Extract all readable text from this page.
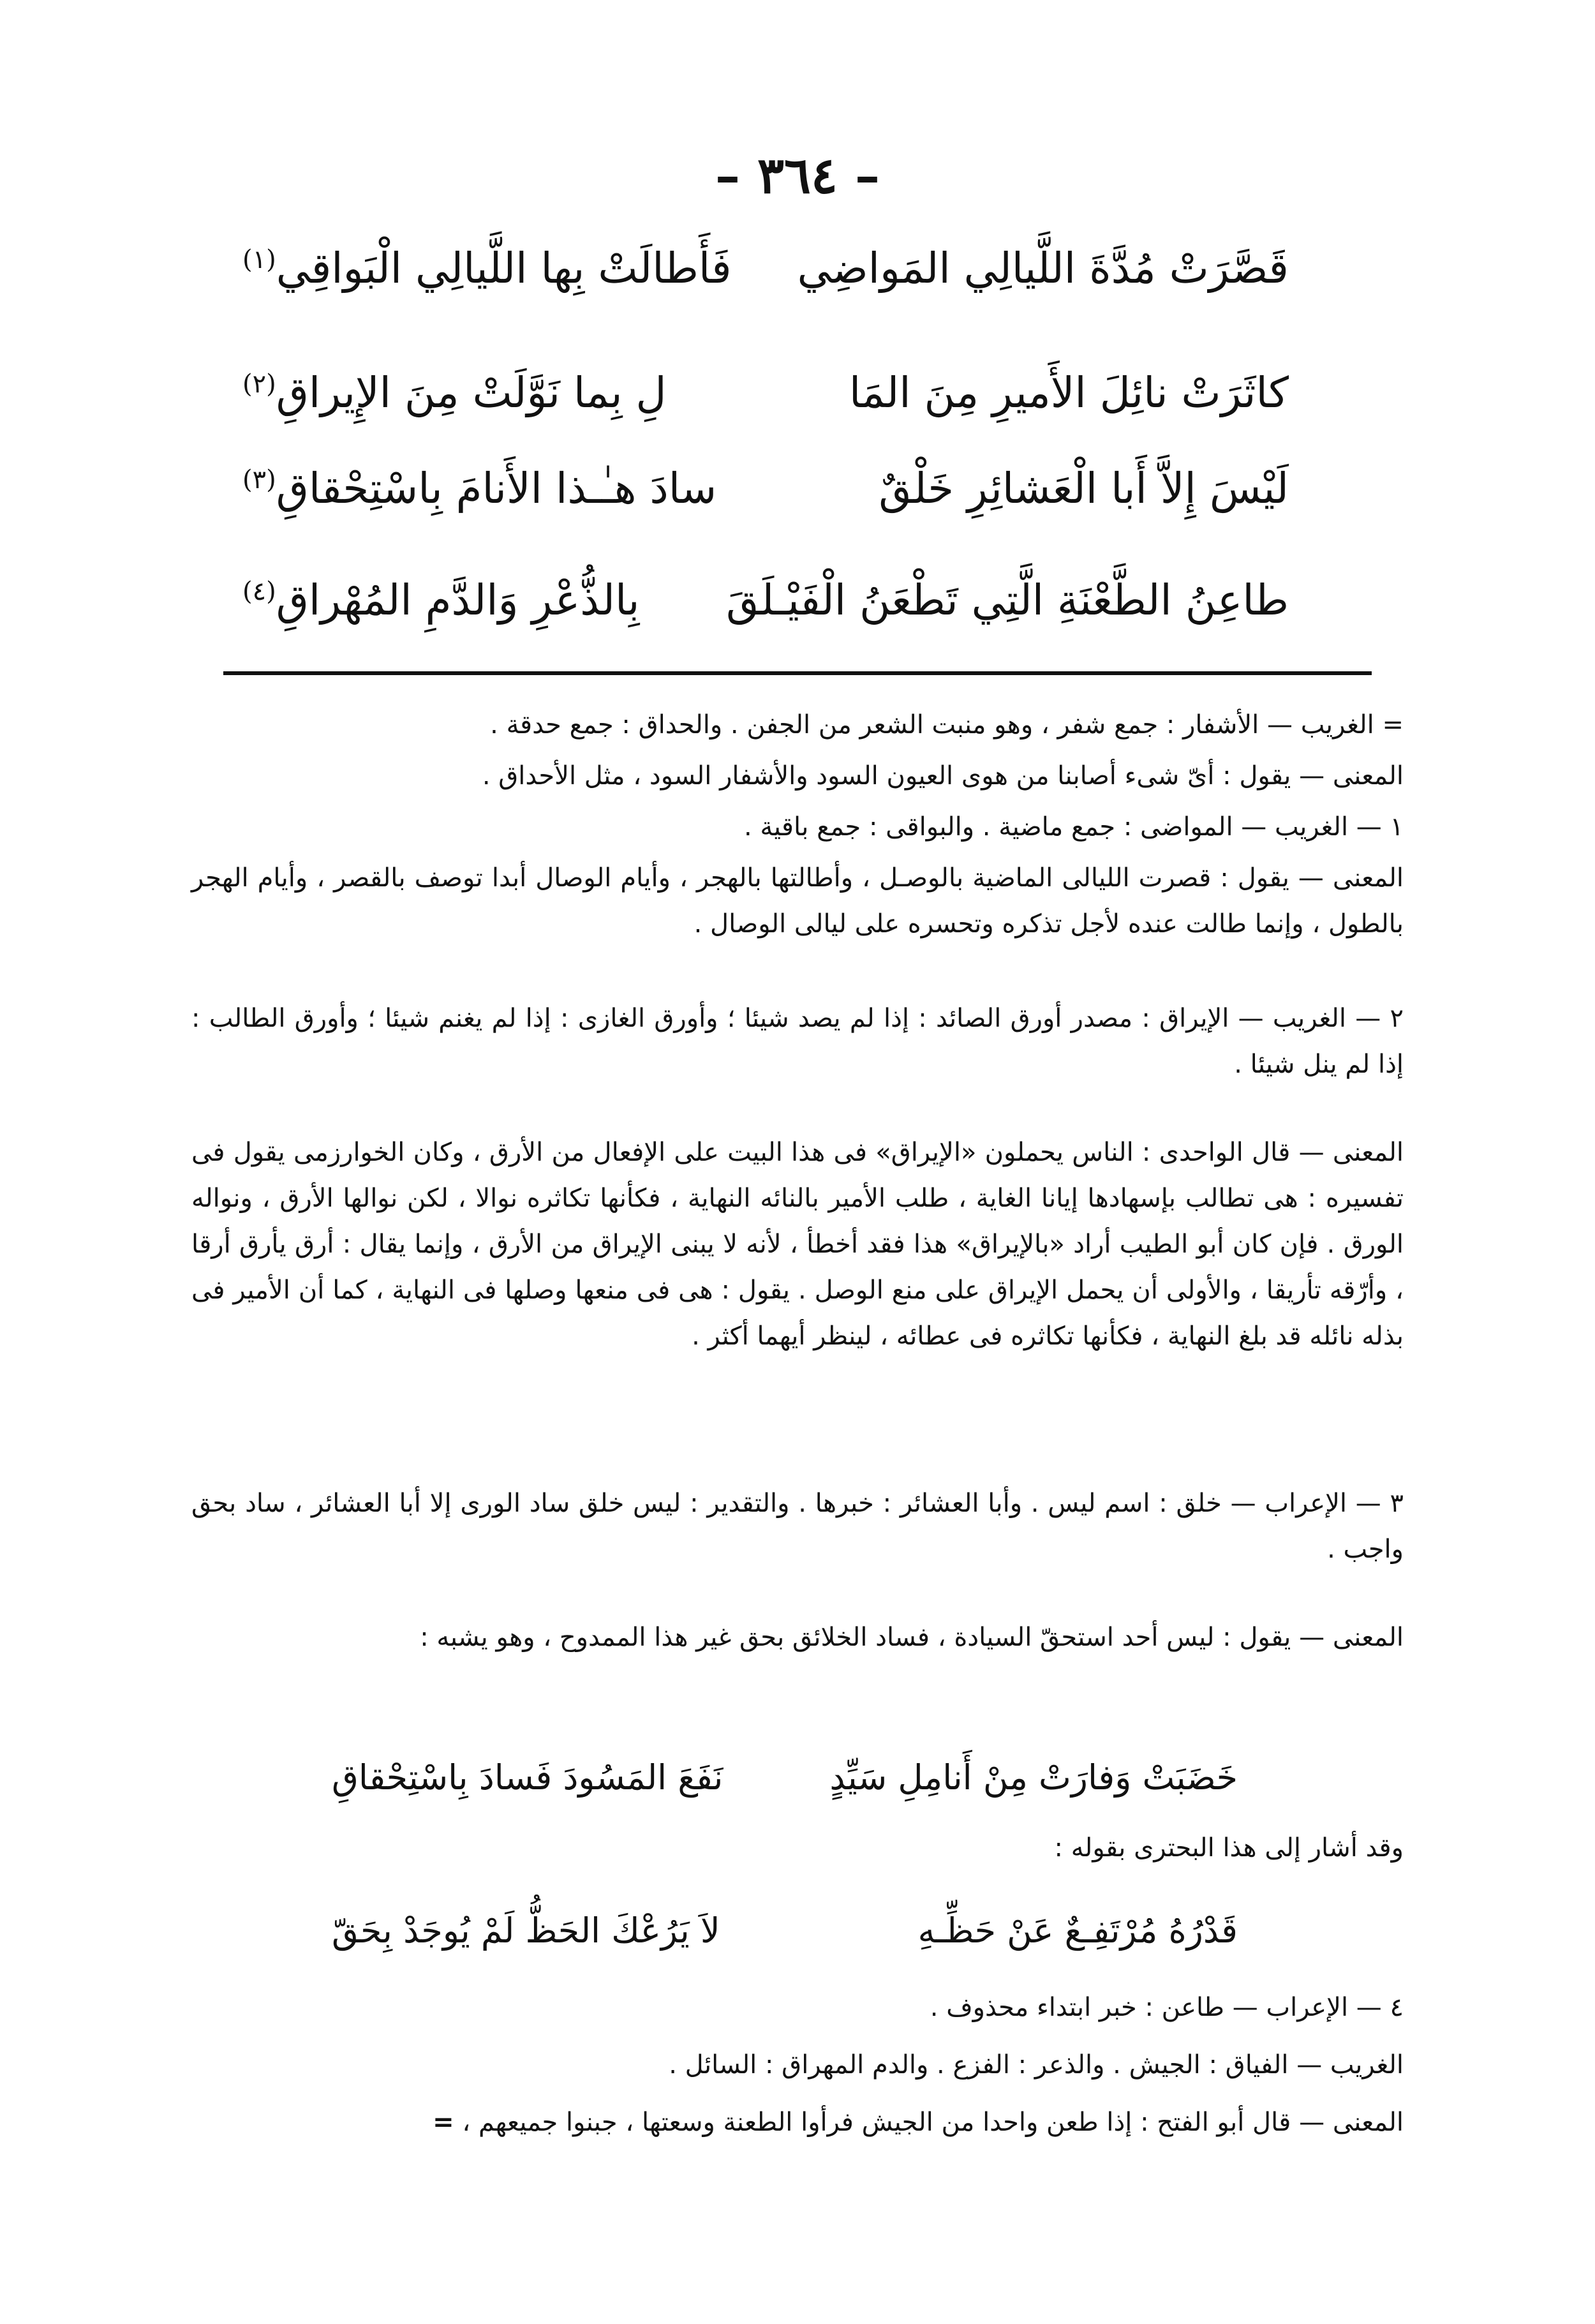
– ٣٦٤ –
قَصَّرَتْ مُدَّةَ اللَّيالِي المَواضِي
فَأَطالَتْ بِها اللَّيالِي الْبَواقِي$^{(١)}$
كاثَرَتْ نائِلَ الأَميرِ مِنَ المَا
لِ بِما نَوَّلَتْ مِنَ الإِيراقِ$^{(٢)}$
لَيْسَ إِلاَّ أَبا الْعَشائِرِ خَلْقٌ
سادَ هـٰـذا الأَنامَ بِاسْتِحْقاقِ$^{(٣)}$
طاعِنُ الطَّعْنَةِ الَّتِي تَطْعَنُ الْفَيْـلَقَ
بِالذُّعْرِ وَالدَّمِ المُهْراقِ$^{(٤)}$
= الغريب — الأشفار : جمع شفر ، وهو منبت الشعر من الجفن . والحداق : جمع حدقة .
المعنى — يقول : أىّ شىء أصابنا من هوى العيون السود والأشفار السود ، مثل الأحداق .
١ — الغريب — المواضى : جمع ماضية . والبواقى : جمع باقية .
المعنى — يقول : قصرت الليالى الماضية بالوصـل ، وأطالتها بالهجر ، وأيام الوصال أبدا توصف بالقصر ، وأيام الهجر بالطول ، وإنما طالت عنده لأجل تذكره وتحسره على ليالى الوصال .
٢ — الغريب — الإيراق : مصدر أورق الصائد : إذا لم يصد شيئا ؛ وأورق الغازى : إذا لم يغنم شيئا ؛ وأورق الطالب : إذا لم ينل شيئا .
المعنى — قال الواحدى : الناس يحملون «الإيراق» فى هذا البيت على الإفعال من الأرق ، وكان الخوارزمى يقول فى تفسيره : هى تطالب بإسهادها إيانا الغاية ، طلب الأمير بالنائه النهاية ، فكأنها تكاثره نوالا ، لكن نوالها الأرق ، ونواله الورق . فإن كان أبو الطيب أراد «بالإيراق» هذا فقد أخطأ ، لأنه لا يبنى الإيراق من الأرق ، وإنما يقال : أرق يأرق أرقا ، وأرّقه تأريقا ، والأولى أن يحمل الإيراق على منع الوصل . يقول : هى فى منعها وصلها فى النهاية ، كما أن الأمير فى بذله نائله قد بلغ النهاية ، فكأنها تكاثره فى عطائه ، لينظر أيهما أكثر .
٣ — الإعراب — خلق : اسم ليس . وأبا العشائر : خبرها . والتقدير : ليس خلق ساد الورى إلا أبا العشائر ، ساد بحق واجب .
المعنى — يقول : ليس أحد استحقّ السيادة ، فساد الخلائق بحق غير هذا الممدوح ، وهو يشبه :
خَضَبَتْ وَفارَتْ مِنْ أَنامِلِ سَيِّدٍ
نَفَعَ المَسُودَ فَسادَ بِاسْتِحْقاقِ
وقد أشار إلى هذا البحترى بقوله :
قَدْرُهُ مُرْتَفِـعٌ عَنْ حَظِّـهِ
لاَ يَرُعْكَ الحَظُّ لَمْ يُوجَدْ بِحَقّ
٤ — الإعراب — طاعن : خبر ابتداء محذوف .
الغريب — الفياق : الجيش . والذعر : الفزع . والدم المهراق : السائل .
المعنى — قال أبو الفتح : إذا طعن واحدا من الجيش فرأوا الطعنة وسعتها ، جبنوا جميعهم ، =
